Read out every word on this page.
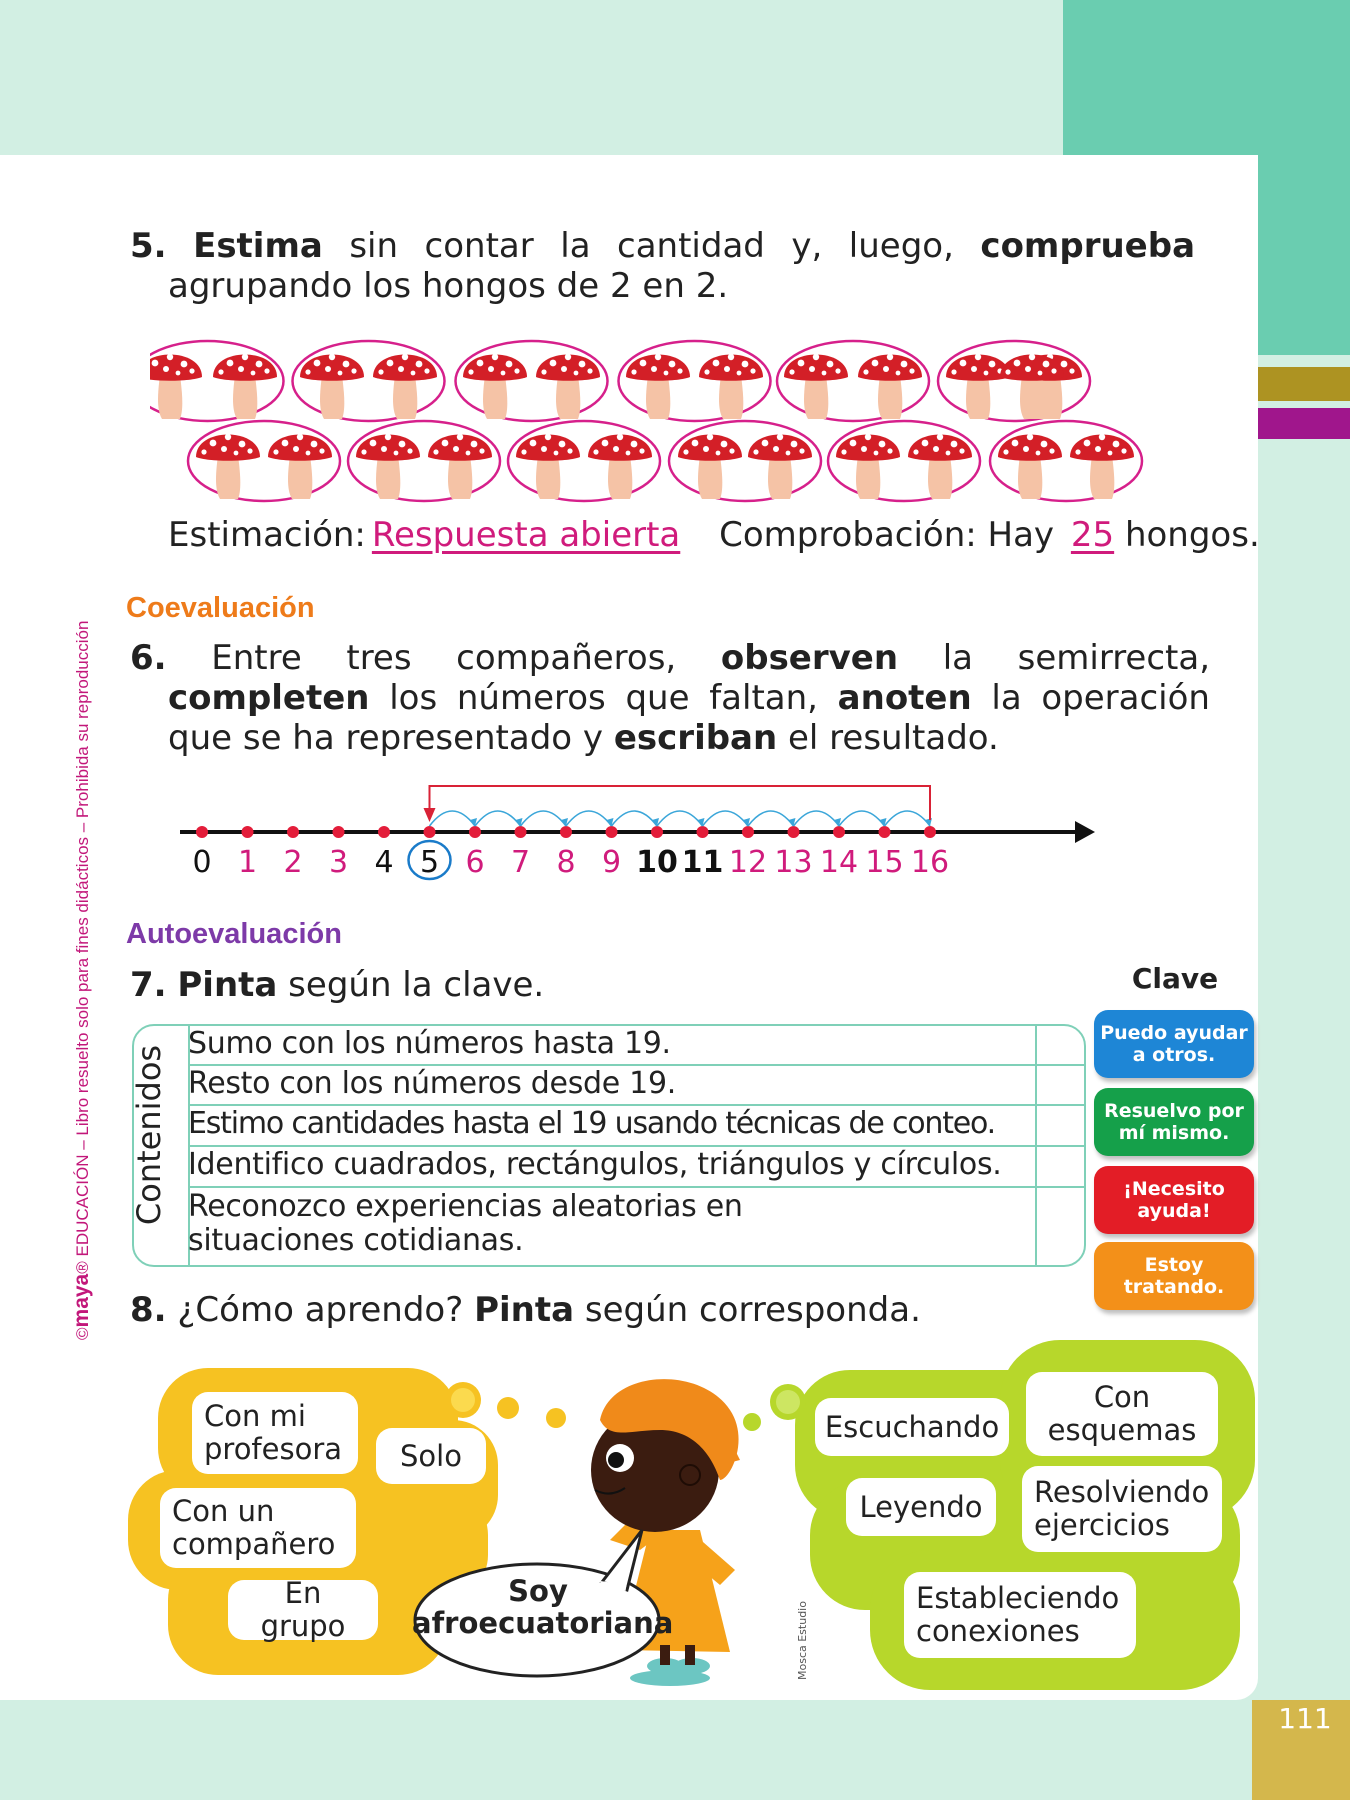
111
©maya® EDUCACIÓN – Libro resuelto solo para fines didácticos – Prohibida su reproducción
5. Estima sin contar la cantidad y, luego, comprueba agrupando los hongos de 2 en 2.
Estimación: Respuesta abierta Comprobación: Hay 25 hongos.
Coevaluación
6. Entre tres compañeros, observen la semirrecta, completen los números que faltan, anoten la operación que se ha representado y escriban el resultado.
0 1 2 3 4 5 6 7 8 9 10 11 12 13 14 15 16
Autoevaluación
7. Pinta según la clave.
Contenidos
Sumo con los números hasta 19.
Resto con los números desde 19.
Estimo cantidades hasta el 19 usando técnicas de conteo.
Identifico cuadrados, rectángulos, triángulos y círculos.
Reconozco experiencias aleatorias en situaciones cotidianas.
Clave
Puedo ayudar a otros.
Resuelvo por mí mismo.
¡Necesito ayuda!
Estoy tratando.
8. ¿Cómo aprendo? Pinta según corresponda.
Con mi profesora Solo
Con un compañero
En grupo
Escuchando
Con esquemas
Leyendo Resolviendo ejercicios
Estableciendo conexiones
Soy afroecuatoriana	Mosca Estudio
